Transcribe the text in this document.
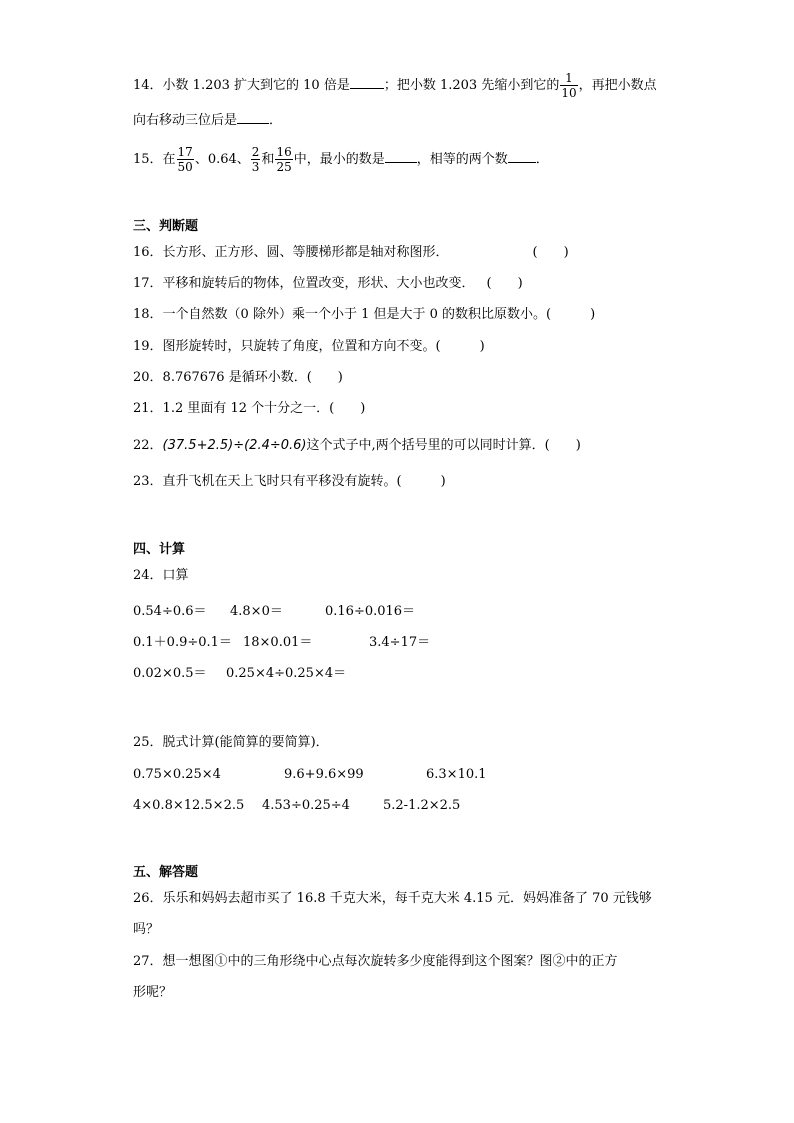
14．小数 1.203 扩大到它的 10 倍是	；把小数 1.203 先缩小到它的 $\frac{1}{10}$ ，再把小数点
向右移动三位后是 ．
15．在 $\frac{17}{50}$ 、0.64、 $\frac{2}{3}$ 和 $\frac{16}{25}$ 中，最小的数是 ，相等的两个数 ．
三、判断题
16．长方形、正方形、圆、等腰梯形都是轴对称图形．	(　　)
17．平移和旋转后的物体，位置改变，形状、大小也改变． (　　)
18．一个自然数（0 除外）乘一个小于 1 但是大于 0 的数积比原数小。(　　　)
19．图形旋转时，只旋转了角度，位置和方向不变。(　　　)
20．8.767676 是循环小数．(　　)
21．1.2 里面有 12 个十分之一．(　　)
22．(37.5+2.5)÷(2.4÷0.6)这个式子中,两个括号里的可以同时计算．(　　)
23．直升飞机在天上飞时只有平移没有旋转。(　　　)
四、计算
24．口算
0.54÷0.6＝ 4.8×0＝	0.16÷0.016＝
0.1＋0.9÷0.1＝ 18×0.01＝	3.4÷17＝
0.02×0.5＝ 0.25×4÷0.25×4＝
25．脱式计算(能简算的要简算)．
0.75×0.25×4	9.6+9.6×99	6.3×10.1
4×0.8×12.5×2.5 4.53÷0.25÷4	5.2-1.2×2.5
五、解答题
26．乐乐和妈妈去超市买了 16.8 千克大米，每千克大米 4.15 元．妈妈准备了 70 元钱够
吗？
27．想一想图①中的三角形绕中心点每次旋转多少度能得到这个图案？图②中的正方
形呢？
